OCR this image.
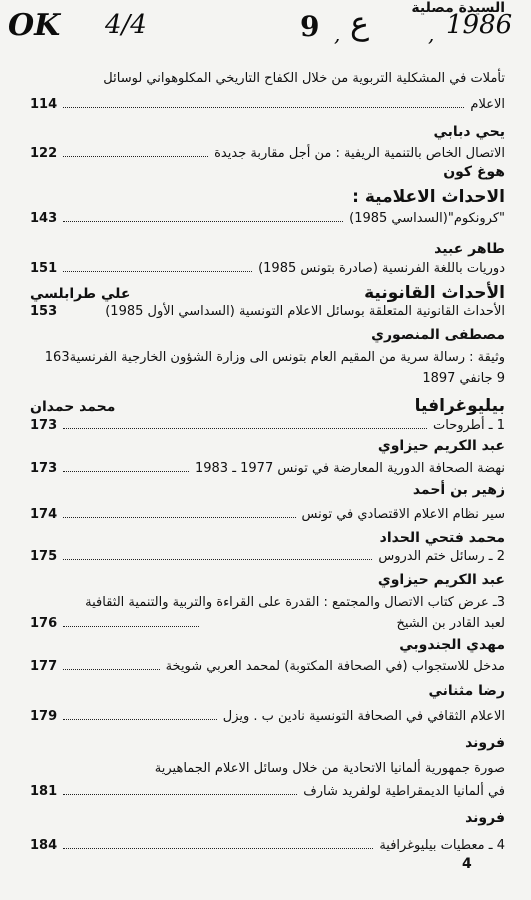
OK 4/4	9 ع
,	, 1986
تأملات في المشكلية التربوية من خلال الكفاح التاريخي المكلوهواني لوسائل
الاعلام
114
يحي دبابي
الاتصال الخاص بالتنمية الريفية : من أجل مقاربة جديدة
122
هوغ كون
الاحداث الاعلامية :
"كرونكوم"(السداسي 1985)
143
طاهر عبيد
دوريات باللغة الفرنسية (صادرة بتونس 1985)
151
الأحداث القانونية
علي طرابلسي
الأحداث القانونية المتعلقة بوسائل الاعلام التونسية (السداسي الأول 1985)
153
مصطفى المنصوري
وثيقة : رسالة سرية من المقيم العام بتونس الى وزارة الشؤون الخارجية الفرنسية163
9 جانفي 1897
بيليوغرافيا
محمد حمدان
1 ـ أطروحات
173
عبد الكريم حيزاوي
نهضة الصحافة الدورية المعارضة في تونس 1977 ـ 1983
173
زهير بن أحمد
سير نظام الاعلام الاقتصادي في تونس
174
محمد فتحي الحداد
2 ـ رسائل ختم الدروس
175
عبد الكريم حيزاوي
3ـ عرض كتاب الاتصال والمجتمع : القدرة على القراءة والتربية والتنمية الثقافية
لعبد القادر بن الشيخ
176
مهدي الجندوبي
مدخل للاستجواب (في الصحافة المكتوبة) لمحمد العربي شويخة
177
رضا مثناني
الاعلام الثقافي في الصحافة التونسية نادين ب . ويزل
179
فروند
صورة جمهورية ألمانيا الاتحادية من خلال وسائل الاعلام الجماهيرية
في ألمانيا الديمقراطية لولفريد شارف
181
فروند
4 ـ معطيات بيليوغرافية
184
السيدة مصلية
4
